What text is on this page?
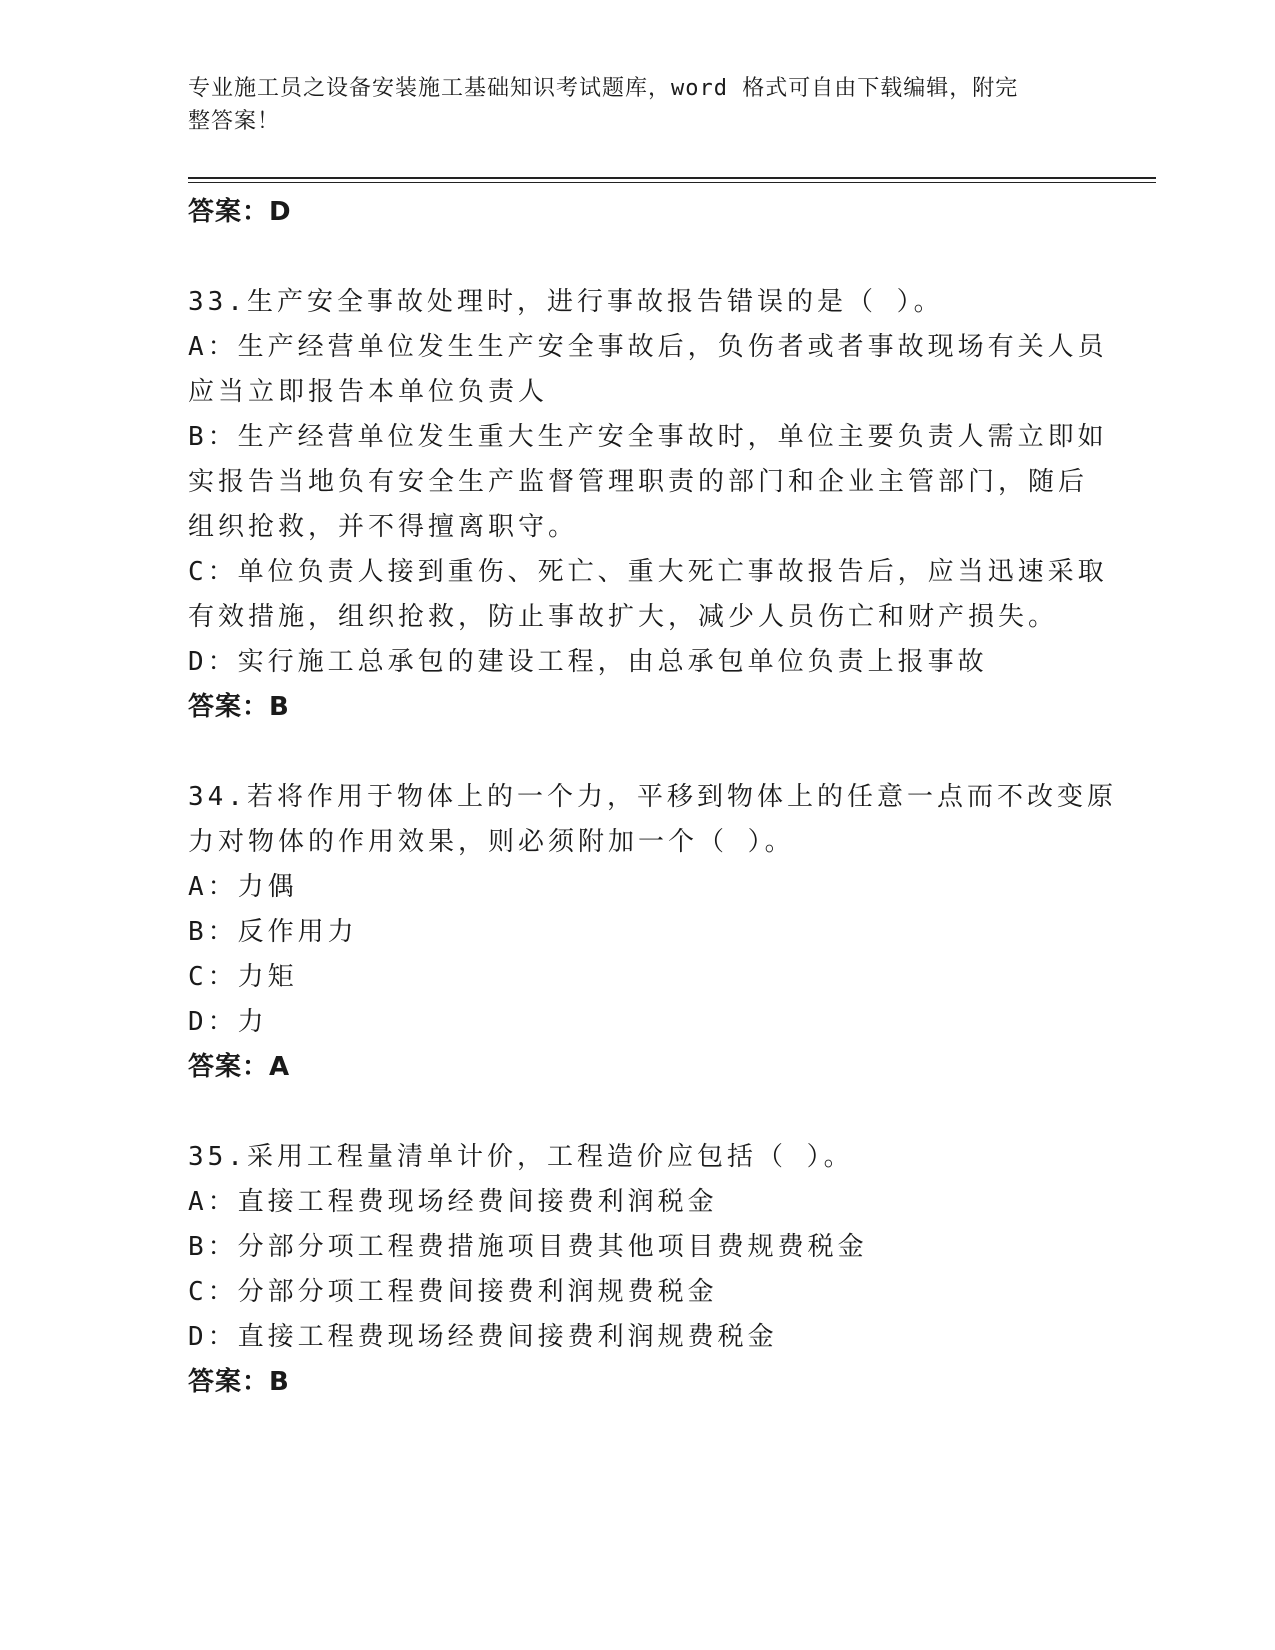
专业施工员之设备安装施工基础知识考试题库，word 格式可自由下载编辑，附完
整答案！
答案：D
33.生产安全事故处理时，进行事故报告错误的是（ ）。
A：生产经营单位发生生产安全事故后，负伤者或者事故现场有关人员
应当立即报告本单位负责人
B：生产经营单位发生重大生产安全事故时，单位主要负责人需立即如
实报告当地负有安全生产监督管理职责的部门和企业主管部门，随后
组织抢救，并不得擅离职守。
C：单位负责人接到重伤、死亡、重大死亡事故报告后，应当迅速采取
有效措施，组织抢救，防止事故扩大，减少人员伤亡和财产损失。
D：实行施工总承包的建设工程，由总承包单位负责上报事故
答案：B
34.若将作用于物体上的一个力，平移到物体上的任意一点而不改变原
力对物体的作用效果，则必须附加一个（ ）。
A：力偶
B：反作用力
C：力矩
D：力
答案：A
35.采用工程量清单计价，工程造价应包括（ ）。
A：直接工程费现场经费间接费利润税金
B：分部分项工程费措施项目费其他项目费规费税金
C：分部分项工程费间接费利润规费税金
D：直接工程费现场经费间接费利润规费税金
答案：B
